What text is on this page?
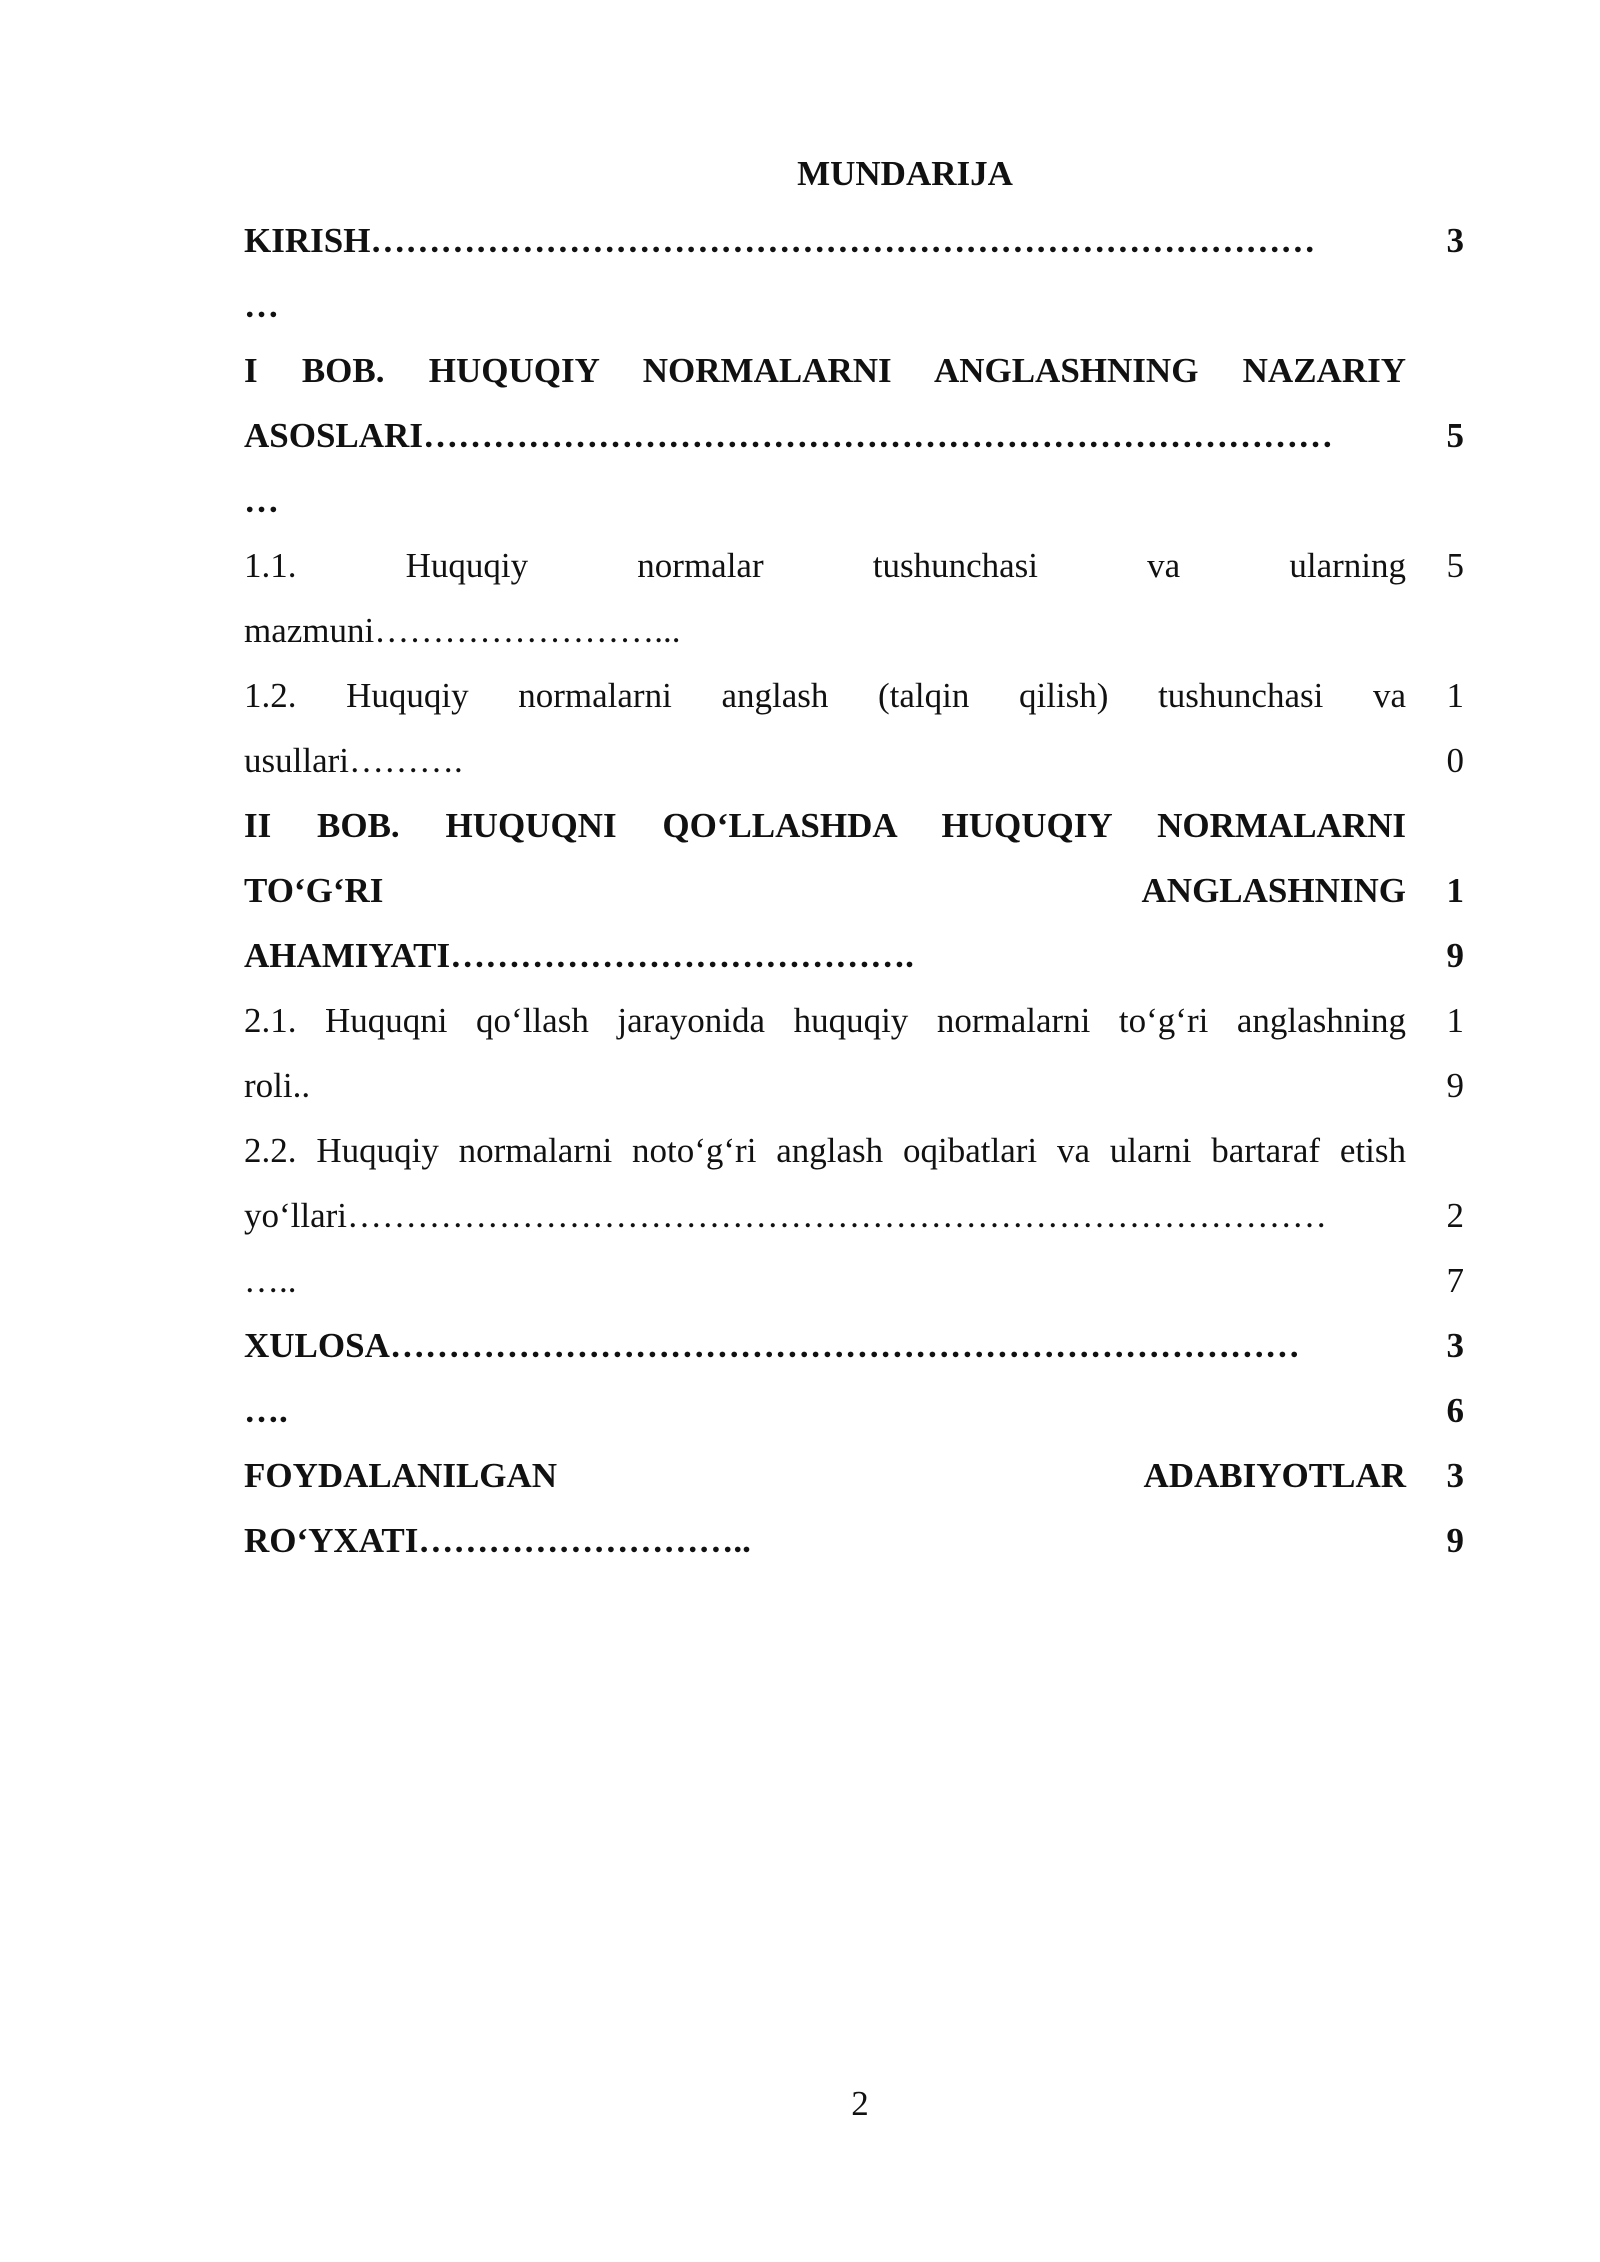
MUNDARIJA
KIRISH………………………………………………………………………
…
3

I BOB. HUQUQIY NORMALARNI ANGLASHNING NAZARIY
ASOSLARI……………………………………………………………………
…

5

1.1. Huquqiy normalar tushunchasi va ularning
mazmuni……………………...
5

1.2. Huquqiy normalarni anglash (talqin qilish) tushunchasi va
usullari……….
1
0
II BOB. HUQUQNI QO‘LLASHDA HUQUQIY NORMALARNI
TO‘G‘RI ANGLASHNING
AHAMIYATI………………………………….

1
9
2.1. Huquqni qo‘llash jarayonida huquqiy normalarni to‘g‘ri anglashning
roli..
1
9
2.2. Huquqiy normalarni noto‘g‘ri anglash oqibatlari va ularni bartaraf etish
yo‘llari…………………………………………………………………………
…..

2
7
XULOSA……………………………………………………………………
….
3
6
FOYDALANILGAN ADABIYOTLAR
RO‘YXATI………………………..
3
9
2
